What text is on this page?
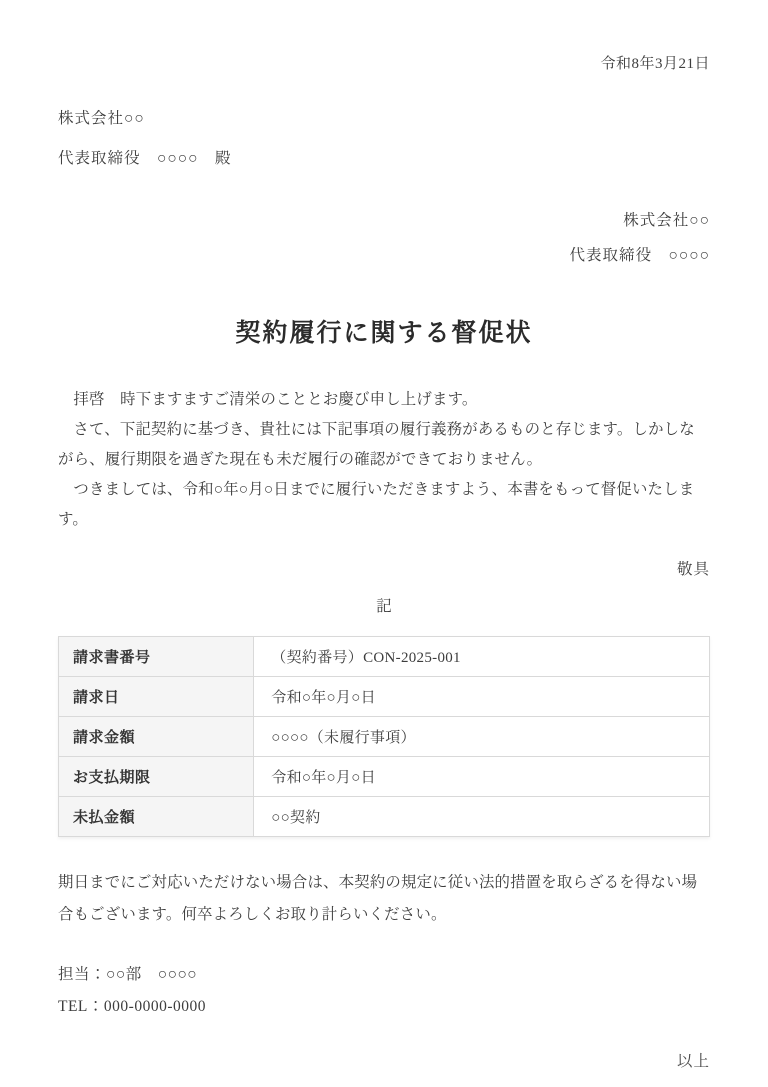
令和8年3月21日
株式会社○○
代表取締役　○○○○　殿
株式会社○○
代表取締役　○○○○
契約履行に関する督促状

拝啓　時下ますますご清栄のこととお慶び申し上げます。

さて、下記契約に基づき、貴社には下記事項の履行義務があるものと存じます。しかしながら、履行期限を過ぎた現在も未だ履行の確認ができておりません。

つきましては、令和○年○月○日までに履行いただきますよう、本書をもって督促いたします。

敬具
記
請求書番号	（契約番号）CON-2025-001
請求日	令和○年○月○日
請求金額	○○○○（未履行事項）
お支払期限	令和○年○月○日
未払金額	○○契約

期日までにご対応いただけない場合は、本契約の規定に従い法的措置を取らざるを得ない場合もございます。何卒よろしくお取り計らいください。

担当：○○部　○○○○
TEL：000-0000-0000
以上
